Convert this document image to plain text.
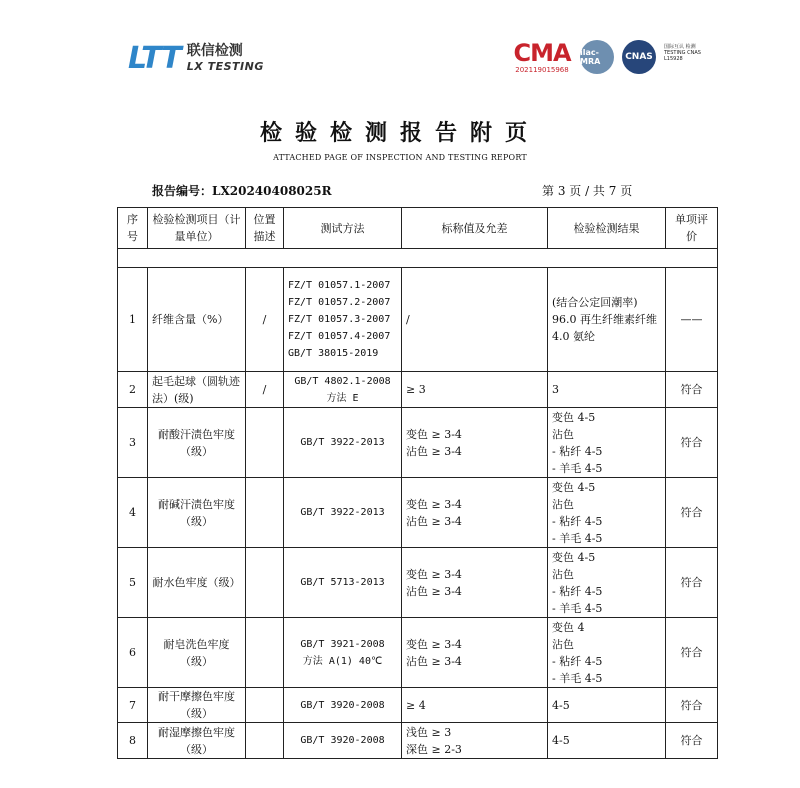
LTT 联信检测
LX TESTING	CMA
202119015968
ilac-MRA	CNAS
国际互认 检测 TESTING CNAS L15928
检验检测报告附页
ATTACHED PAGE OF INSPECTION AND TESTING REPORT
报告编号：LX20240408025R	第 3 页 / 共 7 页
序号	检验检测项目（计量单位）	位置描述	测试方法	标称值及允差	检验检测结果	单项评价

1	纤维含量（%）	/	FZ/T 01057.1-2007
FZ/T 01057.2-2007
FZ/T 01057.3-2007
FZ/T 01057.4-2007
GB/T 38015-2019	/	(结合公定回潮率)
96.0 再生纤维素纤维
4.0 氨纶	——
2	起毛起球（圆轨迹法）(级)	/	GB/T 4802.1-2008
方法 E	≥ 3	3	符合
3	耐酸汗渍色牢度（级）		GB/T 3922-2013	变色 ≥ 3-4
沾色 ≥ 3-4	变色 4-5
沾色
- 粘纤 4-5
- 羊毛 4-5	符合
4	耐碱汗渍色牢度（级）		GB/T 3922-2013	变色 ≥ 3-4
沾色 ≥ 3-4	变色 4-5
沾色
- 粘纤 4-5
- 羊毛 4-5	符合
5	耐水色牢度（级）		GB/T 5713-2013	变色 ≥ 3-4
沾色 ≥ 3-4	变色 4-5
沾色
- 粘纤 4-5
- 羊毛 4-5	符合
6	耐皂洗色牢度（级）		GB/T 3921-2008
方法 A(1) 40℃	变色 ≥ 3-4
沾色 ≥ 3-4	变色 4
沾色
- 粘纤 4-5
- 羊毛 4-5	符合
7	耐干摩擦色牢度（级）		GB/T 3920-2008	≥ 4	4-5	符合
8	耐湿摩擦色牢度（级）		GB/T 3920-2008	浅色 ≥ 3
深色 ≥ 2-3	4-5	符合
